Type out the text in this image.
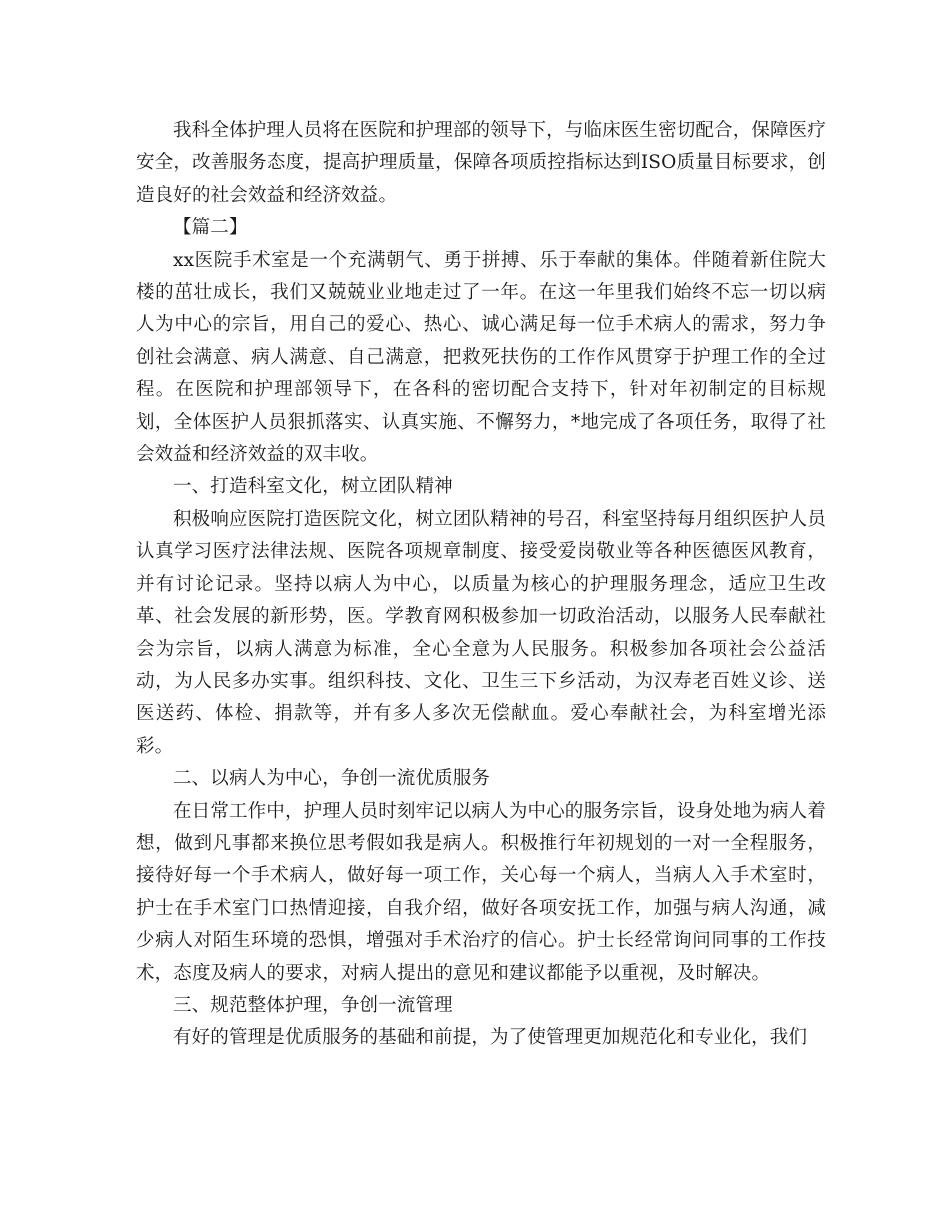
我科全体护理人员将在医院和护理部的领导下，与临床医生密切配合，保障医疗安全，改善服务态度，提高护理质量，保障各项质控指标达到ISO质量目标要求，创造良好的社会效益和经济效益。

【篇二】

xx医院手术室是一个充满朝气、勇于拼搏、乐于奉献的集体。伴随着新住院大楼的茁壮成长，我们又兢兢业业地走过了一年。在这一年里我们始终不忘一切以病人为中心的宗旨，用自己的爱心、热心、诚心满足每一位手术病人的需求，努力争创社会满意、病人满意、自己满意，把救死扶伤的工作作风贯穿于护理工作的全过程。在医院和护理部领导下，在各科的密切配合支持下，针对年初制定的目标规划，全体医护人员狠抓落实、认真实施、不懈努力，*地完成了各项任务，取得了社会效益和经济效益的双丰收。

一、打造科室文化，树立团队精神

积极响应医院打造医院文化，树立团队精神的号召，科室坚持每月组织医护人员认真学习医疗法律法规、医院各项规章制度、接受爱岗敬业等各种医德医风教育，并有讨论记录。坚持以病人为中心，以质量为核心的护理服务理念，适应卫生改革、社会发展的新形势，医。学教育网积极参加一切政治活动，以服务人民奉献社会为宗旨，以病人满意为标准，全心全意为人民服务。积极参加各项社会公益活动，为人民多办实事。组织科技、文化、卫生三下乡活动，为汉寿老百姓义诊、送医送药、体检、捐款等，并有多人多次无偿献血。爱心奉献社会，为科室增光添彩。

二、以病人为中心，争创一流优质服务

在日常工作中，护理人员时刻牢记以病人为中心的服务宗旨，设身处地为病人着想，做到凡事都来换位思考假如我是病人。积极推行年初规划的一对一全程服务，接待好每一个手术病人，做好每一项工作，关心每一个病人，当病人入手术室时，护士在手术室门口热情迎接，自我介绍，做好各项安抚工作，加强与病人沟通，减少病人对陌生环境的恐惧，增强对手术治疗的信心。护士长经常询问同事的工作技术，态度及病人的要求，对病人提出的意见和建议都能予以重视，及时解决。

三、规范整体护理，争创一流管理

有好的管理是优质服务的基础和前提，为了使管理更加规范化和专业化，我们
